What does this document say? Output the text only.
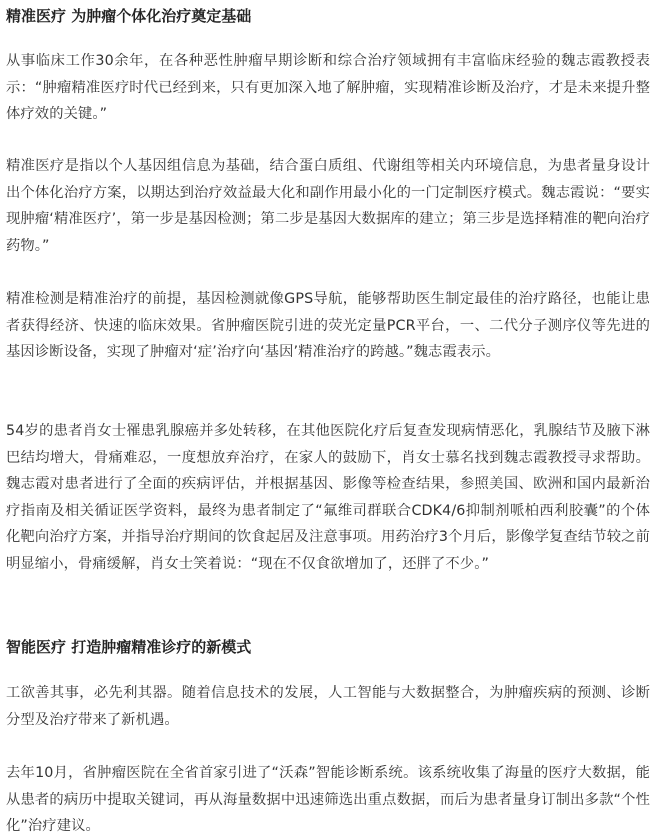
精准医疗 为肿瘤个体化治疗奠定基础

从事临床工作30余年，在各种恶性肿瘤早期诊断和综合治疗领域拥有丰富临床经验的魏志霞教授表示：“肿瘤精准医疗时代已经到来，只有更加深入地了解肿瘤，实现精准诊断及治疗，才是未来提升整体疗效的关键。”

精准医疗是指以个人基因组信息为基础，结合蛋白质组、代谢组等相关内环境信息，为患者量身设计出个体化治疗方案，以期达到治疗效益最大化和副作用最小化的一门定制医疗模式。魏志霞说：“要实现肿瘤‘精准医疗’，第一步是基因检测；第二步是基因大数据库的建立；第三步是选择精准的靶向治疗药物。”

精准检测是精准治疗的前提，基因检测就像GPS导航，能够帮助医生制定最佳的治疗路径，也能让患者获得经济、快速的临床效果。省肿瘤医院引进的荧光定量PCR平台，一、二代分子测序仪等先进的基因诊断设备，实现了肿瘤对‘症’治疗向‘基因’精准治疗的跨越。”魏志霞表示。

54岁的患者肖女士罹患乳腺癌并多处转移，在其他医院化疗后复查发现病情恶化，乳腺结节及腋下淋巴结均增大，骨痛难忍，一度想放弃治疗，在家人的鼓励下，肖女士慕名找到魏志霞教授寻求帮助。魏志霞对患者进行了全面的疾病评估，并根据基因、影像等检查结果，参照美国、欧洲和国内最新治疗指南及相关循证医学资料，最终为患者制定了“氟维司群联合CDK4/6抑制剂哌柏西利胶囊”的个体化靶向治疗方案，并指导治疗期间的饮食起居及注意事项。用药治疗3个月后，影像学复查结节较之前明显缩小，骨痛缓解，肖女士笑着说：“现在不仅食欲增加了，还胖了不少。”

智能医疗 打造肿瘤精准诊疗的新模式

工欲善其事，必先利其器。随着信息技术的发展，人工智能与大数据整合，为肿瘤疾病的预测、诊断分型及治疗带来了新机遇。

去年10月，省肿瘤医院在全省首家引进了“沃森”智能诊断系统。该系统收集了海量的医疗大数据，能从患者的病历中提取关键词，再从海量数据中迅速筛选出重点数据，而后为患者量身订制出多款“个性化”治疗建议。
